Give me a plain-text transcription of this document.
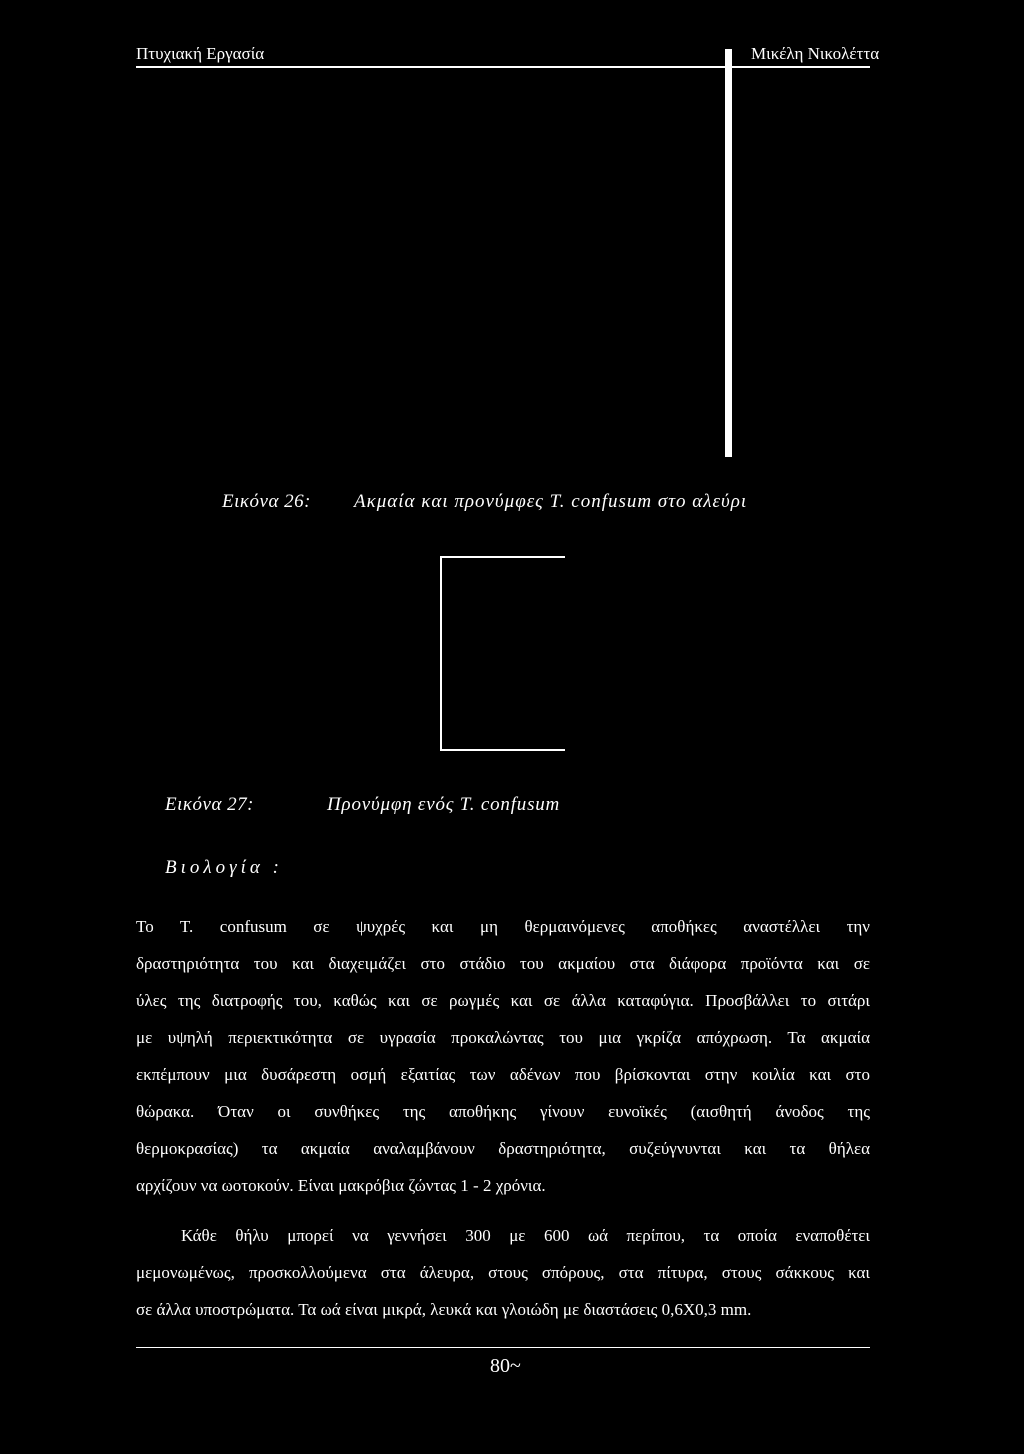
Πτυχιακή Εργασία	Μικέλη Νικολέττα
Εικόνα 26: Ακμαία και προνύμφες T. confusum στο αλεύρι
Εικόνα 27:	Προνύμφη ενός T. confusum
Βιολογία :
Το Τ. confusum σε ψυχρές και μη θερμαινόμενες αποθήκες αναστέλλει την
δραστηριότητα του και διαχειμάζει στο στάδιο του ακμαίου στα διάφορα προϊόντα και σε
ύλες της διατροφής του, καθώς και σε ρωγμές και σε άλλα καταφύγια. Προσβάλλει το σιτάρι
με υψηλή περιεκτικότητα σε υγρασία προκαλώντας του μια γκρίζα απόχρωση. Τα ακμαία
εκπέμπουν μια δυσάρεστη οσμή εξαιτίας των αδένων που βρίσκονται στην κοιλία και στο
θώρακα. Όταν οι συνθήκες της αποθήκης γίνουν ευνοϊκές (αισθητή άνοδος της
θερμοκρασίας) τα ακμαία αναλαμβάνουν δραστηριότητα, συζεύγνυνται και τα θήλεα
αρχίζουν να ωοτοκούν. Είναι μακρόβια ζώντας 1 - 2 χρόνια.
Κάθε θήλυ μπορεί να γεννήσει 300 με 600 ωά περίπου, τα οποία εναποθέτει
μεμονωμένως, προσκολλούμενα στα άλευρα, στους σπόρους, στα πίτυρα, στους σάκκους και
σε άλλα υποστρώματα. Τα ωά είναι μικρά, λευκά και γλοιώδη με διαστάσεις 0,6Χ0,3 mm.
80~
